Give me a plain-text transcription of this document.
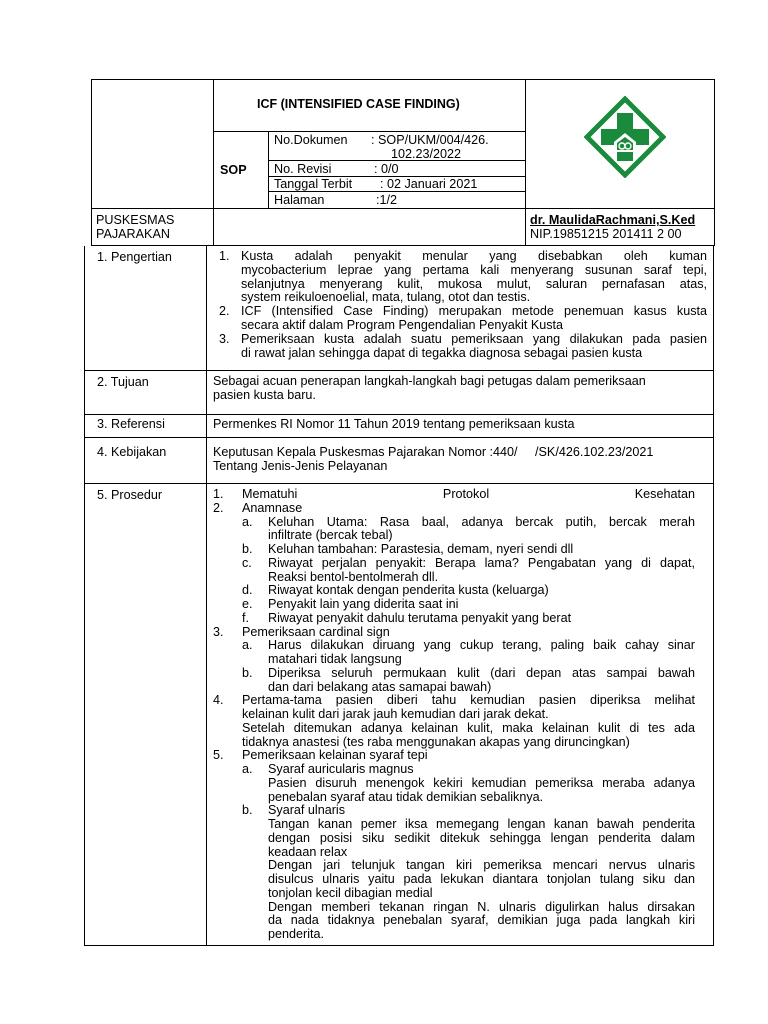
ICF (INTENSIFIED CASE FINDING)
SOP
No.Dokumen : SOP/UKM/004/426.
102.23/2022
No. Revisi	: 0/0
Tanggal Terbit : 02 Januari 2021
Halaman	:1/2
PUSKESMAS
PAJARAKAN
dr. MaulidaRachmani,S.Ked
NIP.19851215 201411 2 00
1. Pengertian
2. Tujuan
3. Referensi
4. Kebijakan
5. Prosedur
1. Kusta adalah penyakit menular yang disebabkan oleh kuman
mycobacterium leprae yang pertama kali menyerang susunan saraf tepi,
selanjutnya menyerang kulit, mukosa mulut, saluran pernafasan atas,
system reikuloenoelial, mata, tulang, otot dan testis.
2. ICF (Intensified Case Finding) merupakan metode penemuan kasus kusta
secara aktif dalam Program Pengendalian Penyakit Kusta
3. Pemeriksaan kusta adalah suatu pemeriksaan yang dilakukan pada pasien
di rawat jalan sehingga dapat di tegakka diagnosa sebagai pasien kusta
Sebagai acuan penerapan langkah-langkah bagi petugas dalam pemeriksaan
pasien kusta baru.
Permenkes RI Nomor 11 Tahun 2019 tentang pemeriksaan kusta
Keputusan Kepala Puskesmas Pajarakan Nomor :440/     /SK/426.102.23/2021
Tentang Jenis-Jenis Pelayanan
1. Mematuhi Protokol Kesehatan
2. Anamnase
a. Keluhan Utama: Rasa baal, adanya bercak putih, bercak merah
infiltrate (bercak tebal)
b. Keluhan tambahan: Parastesia, demam, nyeri sendi dll
c. Riwayat perjalan penyakit: Berapa lama? Pengabatan yang di dapat,
Reaksi bentol-bentolmerah dll.
d. Riwayat kontak dengan penderita kusta (keluarga)
e. Penyakit lain yang diderita saat ini
f. Riwayat penyakit dahulu terutama penyakit yang berat
3. Pemeriksaan cardinal sign
a. Harus dilakukan diruang yang cukup terang, paling baik cahay sinar
matahari tidak langsung
b. Diperiksa seluruh permukaan kulit (dari depan atas sampai bawah
dan dari belakang atas samapai bawah)
4. Pertama-tama pasien diberi tahu kemudian pasien diperiksa melihat
kelainan kulit dari jarak jauh kemudian dari jarak dekat.
Setelah ditemukan adanya kelainan kulit, maka kelainan kulit di tes ada
tidaknya anastesi (tes raba menggunakan akapas yang diruncingkan)
5. Pemeriksaan kelainan syaraf tepi
a. Syaraf auricularis magnus
Pasien disuruh menengok kekiri kemudian pemeriksa meraba adanya
penebalan syaraf atau tidak demikian sebaliknya.
b. Syaraf ulnaris
Tangan kanan pemer iksa memegang lengan kanan bawah penderita
dengan posisi siku sedikit ditekuk sehingga lengan penderita dalam
keadaan relax
Dengan jari telunjuk tangan kiri pemeriksa mencari nervus ulnaris
disulcus ulnaris yaitu pada lekukan diantara tonjolan tulang siku dan
tonjolan kecil dibagian medial
Dengan memberi tekanan ringan N. ulnaris digulirkan halus dirsakan
da nada tidaknya penebalan syaraf, demikian juga pada langkah kiri
penderita.
